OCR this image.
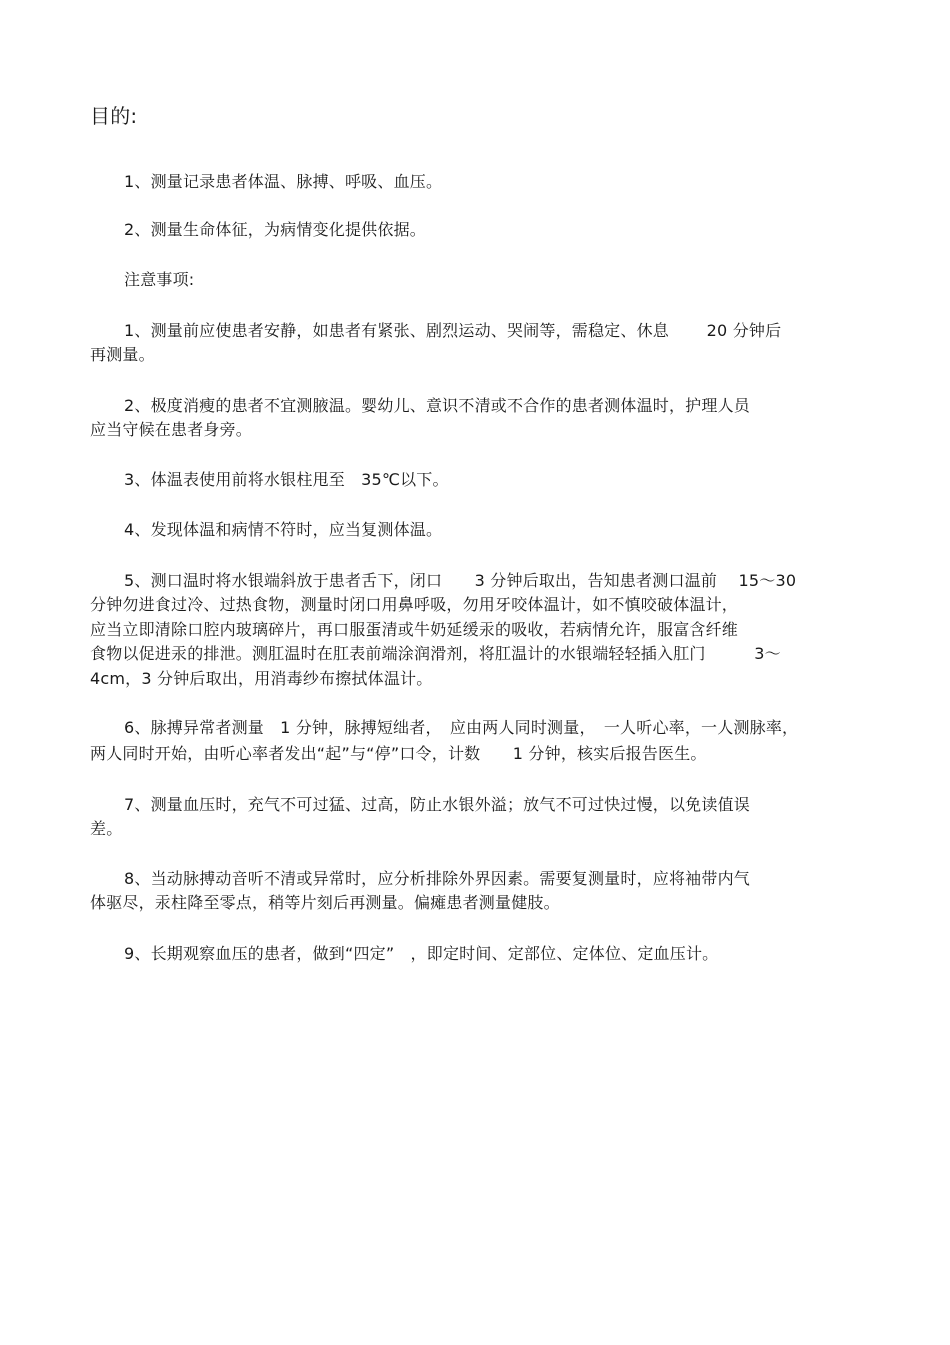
目的:
1、测量记录患者体温、脉搏、呼吸、血压。
2、测量生命体征，为病情变化提供依据。
注意事项:
1、测量前应使患者安静，如患者有紧张、剧烈运动、哭闹等，需稳定、休息　　 20 分钟后
再测量。
2、极度消瘦的患者不宜测腋温。婴幼儿、意识不清或不合作的患者测体温时，护理人员
应当守候在患者身旁。
3、体温表使用前将水银柱甩至　35℃以下。
4、发现体温和病情不符时，应当复测体温。
5、测口温时将水银端斜放于患者舌下，闭口　　3 分钟后取出，告知患者测口温前　 15～30
分钟勿进食过冷、过热食物，测量时闭口用鼻呼吸，勿用牙咬体温计，如不慎咬破体温计，
应当立即清除口腔内玻璃碎片，再口服蛋清或牛奶延缓汞的吸收，若病情允许，服富含纤维
食物以促进汞的排泄。测肛温时在肛表前端涂润滑剂，将肛温计的水银端轻轻插入肛门　　　3～
4cm，3 分钟后取出，用消毒纱布擦拭体温计。
6、脉搏异常者测量　1 分钟，脉搏短绌者，　应由两人同时测量，　一人听心率，一人测脉率，
两人同时开始，由听心率者发出“起”与“停”口令，计数　　1 分钟，核实后报告医生。
7、测量血压时，充气不可过猛、过高，防止水银外溢；放气不可过快过慢，以免读值误
差。
8、当动脉搏动音听不清或异常时，应分析排除外界因素。需要复测量时，应将袖带内气
体驱尽，汞柱降至零点，稍等片刻后再测量。偏瘫患者测量健肢。
9、长期观察血压的患者，做到“四定”　，即定时间、定部位、定体位、定血压计。
